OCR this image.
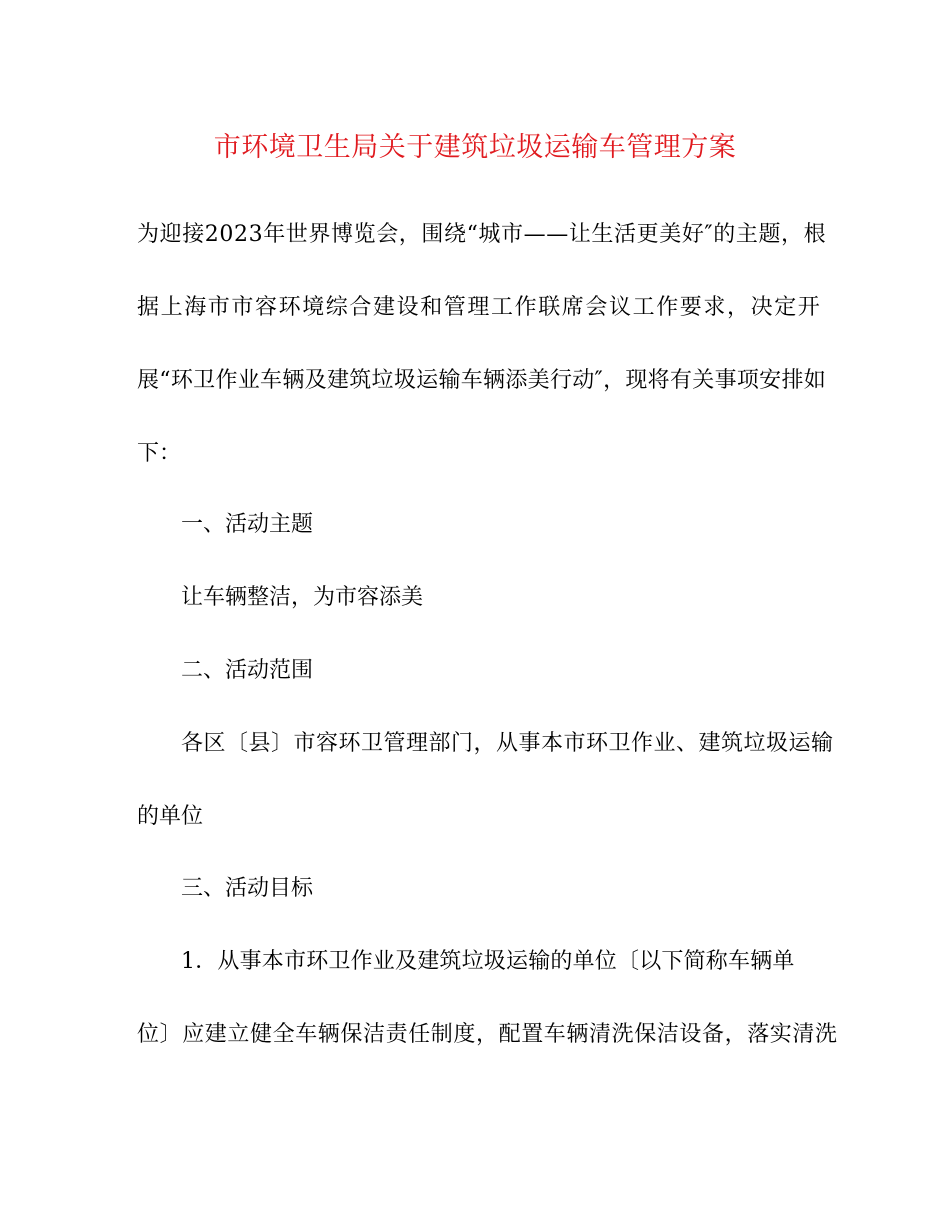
市环境卫生局关于建筑垃圾运输车管理方案
为迎接2023年世界博览会，围绕“城市——让生活更美好″的主题，根
据上海市市容环境综合建设和管理工作联席会议工作要求，决定开
展“环卫作业车辆及建筑垃圾运输车辆添美行动″，现将有关事项安排如
下：
一、活动主题
让车辆整洁，为市容添美
二、活动范围
各区〔县〕市容环卫管理部门，从事本市环卫作业、建筑垃圾运输
的单位
三、活动目标
1．从事本市环卫作业及建筑垃圾运输的单位〔以下简称车辆单
位〕应建立健全车辆保洁责任制度，配置车辆清洗保洁设备，落实清洗
